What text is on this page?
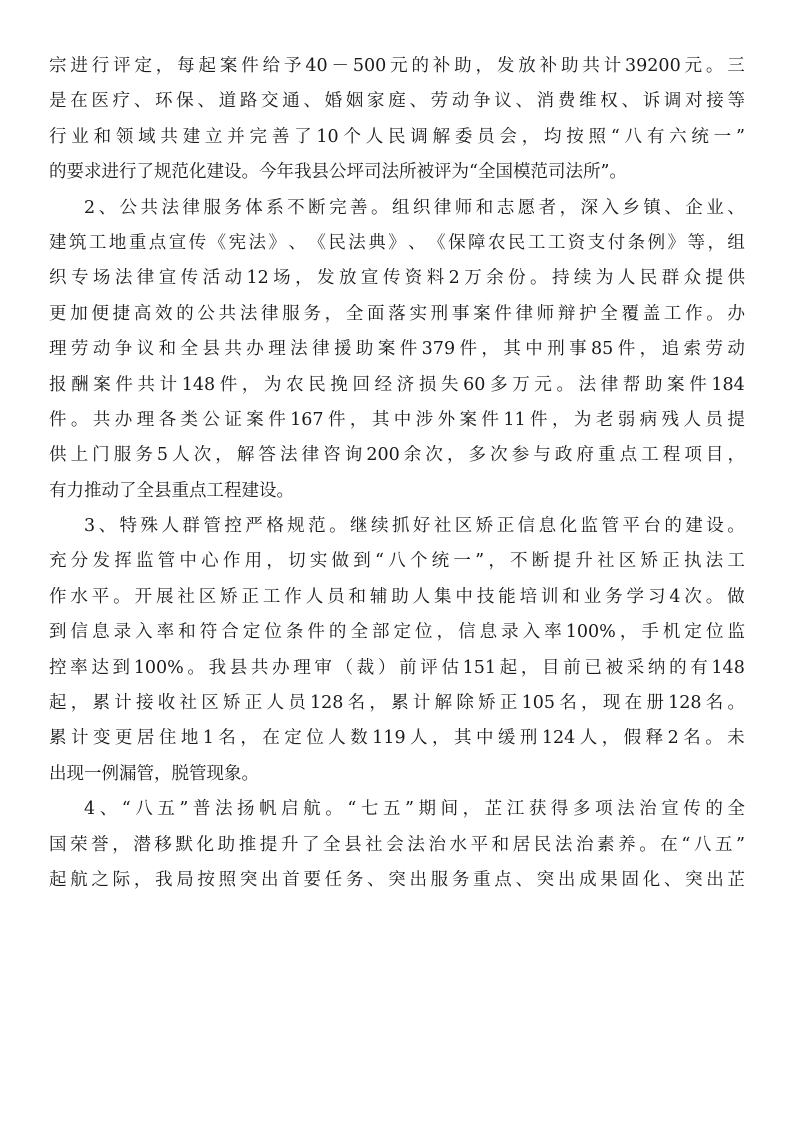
宗 进 行 评 定 ， 每 起 案 件 给 予 40 － 500 元 的 补 助 ， 发 放 补 助 共 计 39200 元 。 三
是 在 医 疗 、 环 保 、 道 路 交 通 、 婚 姻 家 庭 、 劳 动 争 议 、 消 费 维 权 、 诉 调 对 接 等
行 业 和 领 域 共 建 立 并 完 善 了 10 个 人 民 调 解 委 员 会 ， 均 按 照 “ 八 有 六 统 一 ”
的 要 求 进 行 了 规 范 化 建 设 。 今 年 我 县 公 坪 司 法 所 被 评 为 “ 全 国 模 范 司 法 所 ” 。
2 、 公 共 法 律 服 务 体 系 不 断 完 善 。 组 织 律 师 和 志 愿 者 ， 深 入 乡 镇 、 企 业 、
建 筑 工 地 重 点 宣 传 《 宪 法 》 、 《 民 法 典 》 、 《 保 障 农 民 工 工 资 支 付 条 例 》 等 ， 组
织 专 场 法 律 宣 传 活 动 12 场 ， 发 放 宣 传 资 料 2 万 余 份 。 持 续 为 人 民 群 众 提 供
更 加 便 捷 高 效 的 公 共 法 律 服 务 ， 全 面 落 实 刑 事 案 件 律 师 辩 护 全 覆 盖 工 作 。 办
理 劳 动 争 议 和 全 县 共 办 理 法 律 援 助 案 件 379 件 ， 其 中 刑 事 85 件 ， 追 索 劳 动
报 酬 案 件 共 计 148 件 ， 为 农 民 挽 回 经 济 损 失 60 多 万 元 。 法 律 帮 助 案 件 184
件 。 共 办 理 各 类 公 证 案 件 167 件 ， 其 中 涉 外 案 件 11 件 ， 为 老 弱 病 残 人 员 提
供 上 门 服 务 5 人 次 ， 解 答 法 律 咨 询 200 余 次 ， 多 次 参 与 政 府 重 点 工 程 项 目 ，
有 力 推 动 了 全 县 重 点 工 程 建 设 。
3 、 特 殊 人 群 管 控 严 格 规 范 。 继 续 抓 好 社 区 矫 正 信 息 化 监 管 平 台 的 建 设 。
充 分 发 挥 监 管 中 心 作 用 ， 切 实 做 到 “ 八 个 统 一 ” ， 不 断 提 升 社 区 矫 正 执 法 工
作 水 平 。 开 展 社 区 矫 正 工 作 人 员 和 辅 助 人 集 中 技 能 培 训 和 业 务 学 习 4 次 。 做
到 信 息 录 入 率 和 符 合 定 位 条 件 的 全 部 定 位 ， 信 息 录 入 率 100% ， 手 机 定 位 监
控 率 达 到 100% 。 我 县 共 办 理 审 （ 裁 ） 前 评 估 151 起 ， 目 前 已 被 采 纳 的 有 148
起 ， 累 计 接 收 社 区 矫 正 人 员 128 名 ， 累 计 解 除 矫 正 105 名 ， 现 在 册 128 名 。
累 计 变 更 居 住 地 1 名 ， 在 定 位 人 数 119 人 ， 其 中 缓 刑 124 人 ， 假 释 2 名 。 未
出 现 一 例 漏 管 ， 脱 管 现 象 。
4 、 “ 八 五 ” 普 法 扬 帆 启 航 。 “ 七 五 ” 期 间 ， 芷 江 获 得 多 项 法 治 宣 传 的 全
国 荣 誉 ， 潜 移 默 化 助 推 提 升 了 全 县 社 会 法 治 水 平 和 居 民 法 治 素 养 。 在 “ 八 五 ”
起 航 之 际 ， 我 局 按 照 突 出 首 要 任 务 、 突 出 服 务 重 点 、 突 出 成 果 固 化 、 突 出 芷
